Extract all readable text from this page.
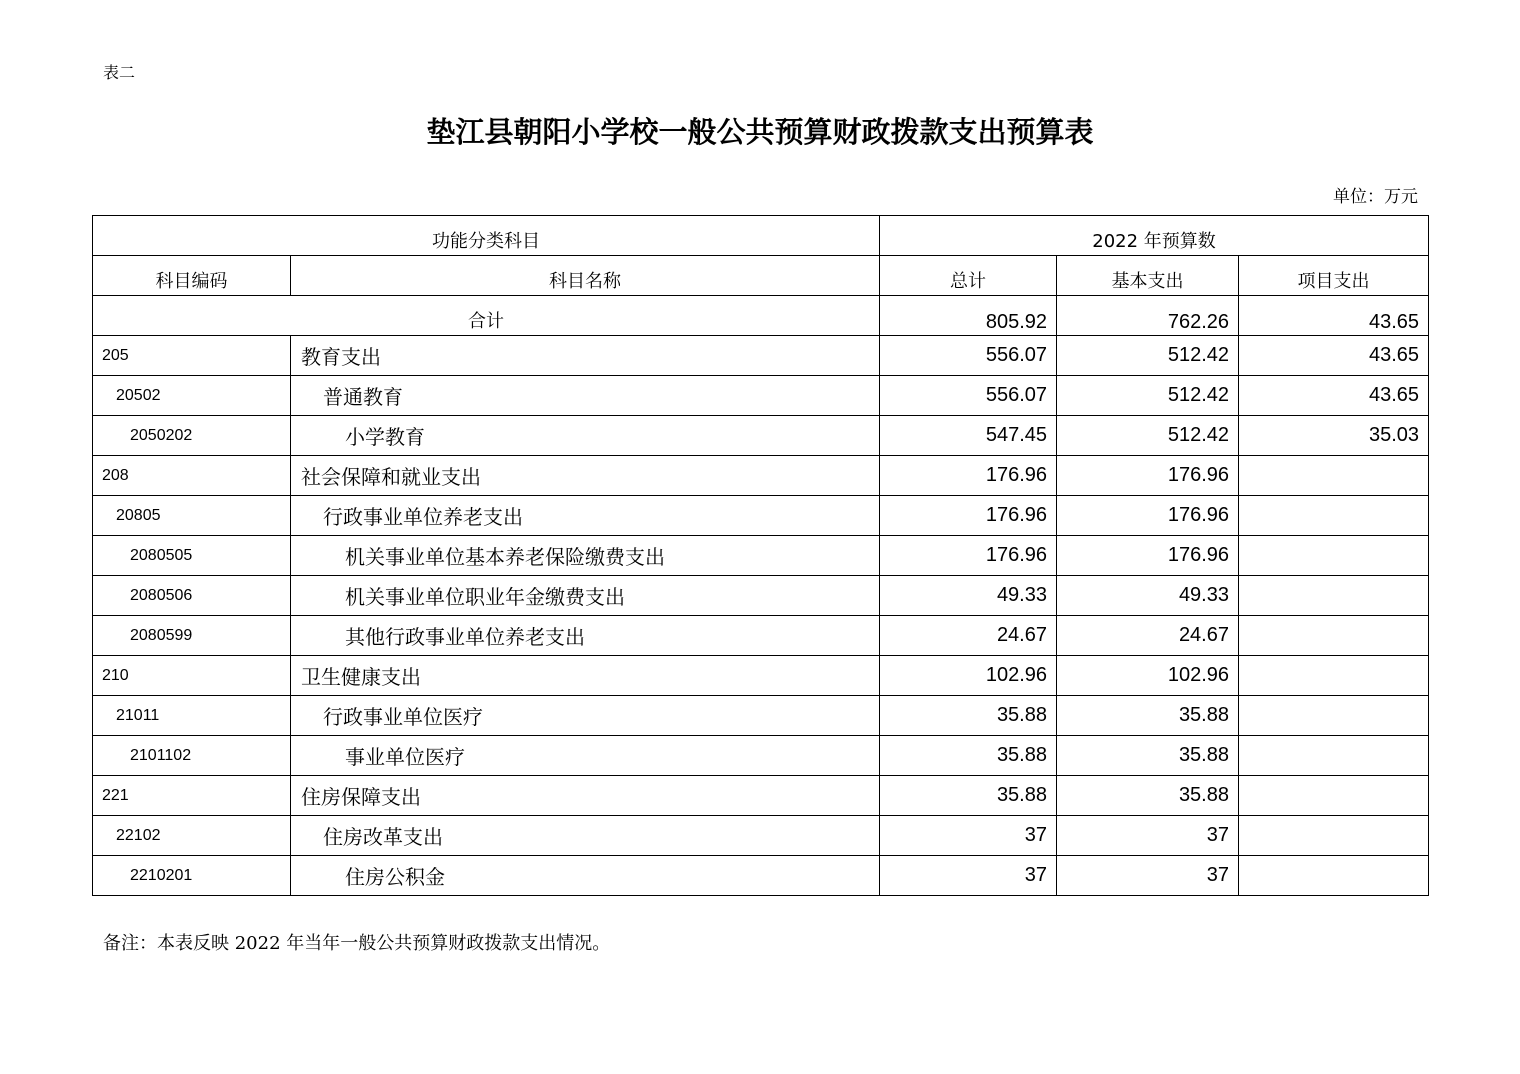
表二
垫江县朝阳小学校一般公共预算财政拨款支出预算表
单位：万元
功能分类科目		2022 年预算数		
科目编码	科目名称	总计	基本支出	项目支出
合计		805.92	762.26	43.65
205	教育支出	556.07	512.42	43.65
20502	普通教育	556.07	512.42	43.65
2050202	小学教育	547.45	512.42	35.03
208	社会保障和就业支出	176.96	176.96	
20805	行政事业单位养老支出	176.96	176.96	
2080505	机关事业单位基本养老保险缴费支出	176.96	176.96	
2080506	机关事业单位职业年金缴费支出	49.33	49.33	
2080599	其他行政事业单位养老支出	24.67	24.67	
210	卫生健康支出	102.96	102.96	
21011	行政事业单位医疗	35.88	35.88	
2101102	事业单位医疗	35.88	35.88	
221	住房保障支出	35.88	35.88	
22102	住房改革支出	37	37	
2210201	住房公积金	37	37	
备注：本表反映 2022 年当年一般公共预算财政拨款支出情况。
